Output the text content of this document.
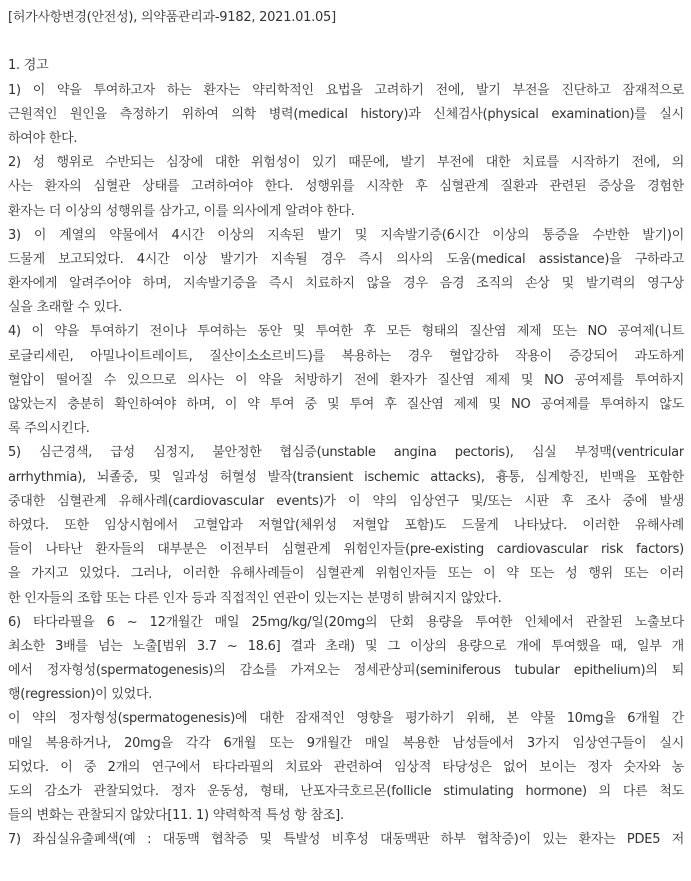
[허가사항변경(안전성), 의약품관리과-9182, 2021.01.05]
1. 경고
1) 이 약을 투여하고자 하는 환자는 약리학적인 요법을 고려하기 전에, 발기 부전을 진단하고 잠재적으로
근원적인 원인을 측정하기 위하여 의학 병력(medical history)과 신체검사(physical examination)를 실시
하여야 한다.
2) 성 행위로 수반되는 심장에 대한 위험성이 있기 때문에, 발기 부전에 대한 치료를 시작하기 전에, 의
사는 환자의 심혈관 상태를 고려하여야 한다. 성행위를 시작한 후 심혈관계 질환과 관련된 증상을 경험한
환자는 더 이상의 성행위를 삼가고, 이를 의사에게 알려야 한다.
3) 이 계열의 약물에서 4시간 이상의 지속된 발기 및 지속발기증(6시간 이상의 통증을 수반한 발기)이
드물게 보고되었다. 4시간 이상 발기가 지속될 경우 즉시 의사의 도움(medical assistance)을 구하라고
환자에게 알려주어야 하며, 지속발기증을 즉시 치료하지 않을 경우 음경 조직의 손상 및 발기력의 영구상
실을 초래할 수 있다.
4) 이 약을 투여하기 전이나 투여하는 동안 및 투여한 후 모든 형태의 질산염 제제 또는 NO 공여제(니트
로글리세린, 아밀나이트레이트, 질산이소소르비드)를 복용하는 경우 혈압강하 작용이 증강되어 과도하게
혈압이 떨어질 수 있으므로 의사는 이 약을 처방하기 전에 환자가 질산염 제제 및 NO 공여제를 투여하지
않았는지 충분히 확인하여야 하며, 이 약 투여 중 및 투여 후 질산염 제제 및 NO 공여제를 투여하지 않도
록 주의시킨다.
5) 심근경색, 급성 심정지, 불안정한 협심증(unstable angina pectoris), 심실 부정맥(ventricular
arrhythmia), 뇌졸중, 및 일과성 허혈성 발작(transient ischemic attacks), 흉통, 심계항진, 빈맥을 포함한
중대한 심혈관계 유해사례(cardiovascular events)가 이 약의 임상연구 및/또는 시판 후 조사 중에 발생
하였다. 또한 임상시험에서 고혈압과 저혈압(체위성 저혈압 포함)도 드물게 나타났다. 이러한 유해사례
들이 나타난 환자들의 대부분은 이전부터 심혈관계 위험인자들(pre-existing cardiovascular risk factors)
을 가지고 있었다. 그러나, 이러한 유해사례들이 심혈관계 위험인자들 또는 이 약 또는 성 행위 또는 이러
한 인자들의 조합 또는 다른 인자 등과 직접적인 연관이 있는지는 분명히 밝혀지지 않았다.
6) 타다라필을 6 ~ 12개월간 매일 25mg/kg/일(20mg의 단회 용량을 투여한 인체에서 관찰된 노출보다
최소한 3배를 넘는 노출[범위 3.7 ~ 18.6] 결과 초래) 및 그 이상의 용량으로 개에 투여했을 때, 일부 개
에서 정자형성(spermatogenesis)의 감소를 가져오는 정세관상피(seminiferous tubular epithelium)의 퇴
행(regression)이 있었다.
이 약의 정자형성(spermatogenesis)에 대한 잠재적인 영향을 평가하기 위해, 본 약물 10mg을 6개월 간
매일 복용하거나, 20mg을 각각 6개월 또는 9개월간 매일 복용한 남성들에서 3가지 임상연구들이 실시
되었다. 이 중 2개의 연구에서 타다라필의 치료와 관련하여 임상적 타당성은 없어 보이는 정자 숫자와 농
도의 감소가 관찰되었다. 정자 운동성, 형태, 난포자극호르몬(follicle stimulating hormone) 의 다른 척도
들의 변화는 관찰되지 않았다[11. 1) 약력학적 특성 항 참조].
7) 좌심실유출폐색(예 : 대동맥 협착증 및 특발성 비후성 대동맥판 하부 협착증)이 있는 환자는 PDE5 저
